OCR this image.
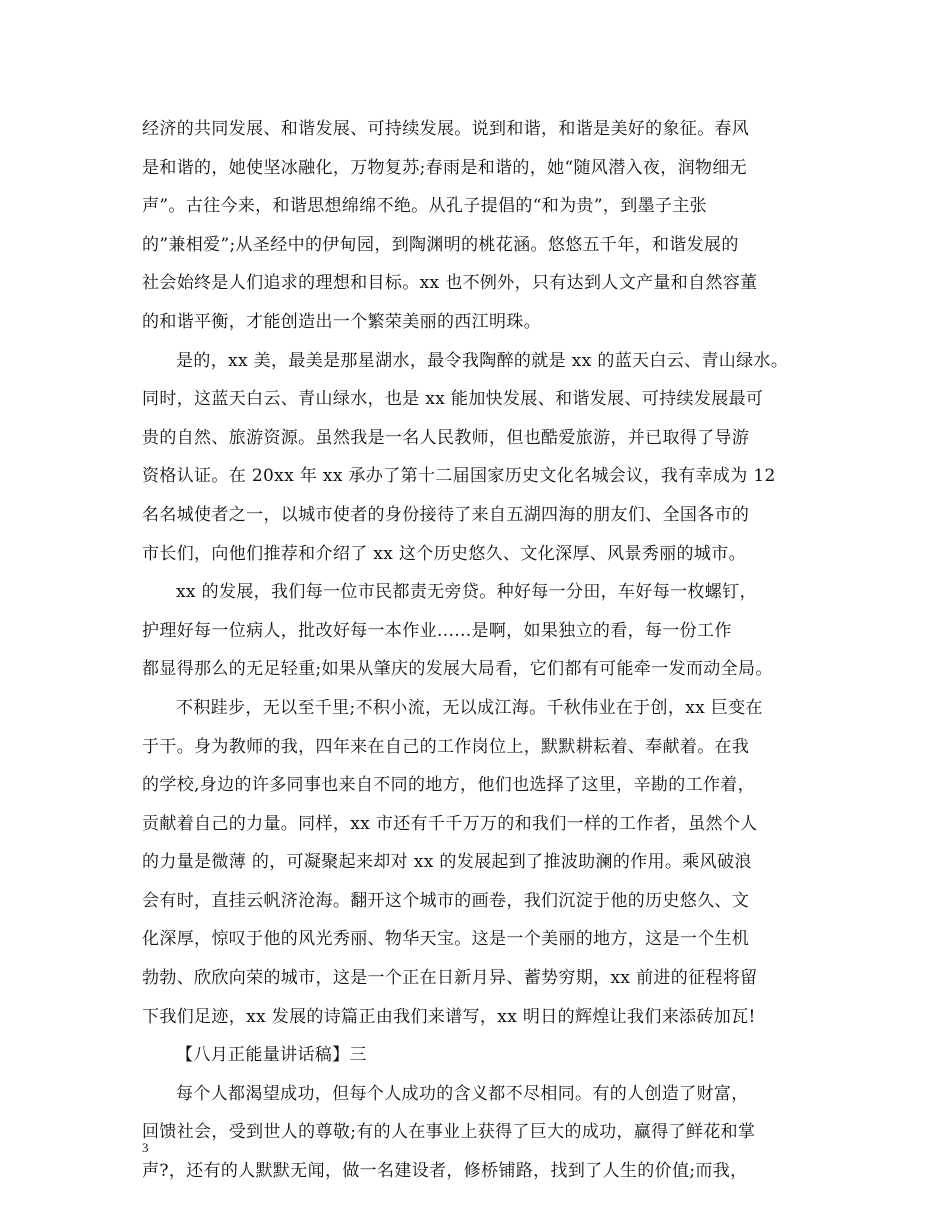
经济的共同发展、和谐发展、可持续发展。说到和谐，和谐是美好的象征。春风
是和谐的，她使坚冰融化，万物复苏;春雨是和谐的，她“随风潜入夜，润物细无
声”。古往今来，和谐思想绵绵不绝。从孔子提倡的“和为贵”，到墨子主张
的”兼相爱”;从圣经中的伊甸园，到陶渊明的桃花涵。悠悠五千年，和谐发展的
社会始终是人们追求的理想和目标。xx 也不例外，只有达到人文产量和自然容董
的和谐平衡，才能创造出一个繁荣美丽的西江明珠。
是的，xx 美，最美是那星湖水，最令我陶醉的就是 xx 的蓝天白云、青山绿水。
同时，这蓝天白云、青山绿水，也是 xx 能加快发展、和谐发展、可持续发展最可
贵的自然、旅游资源。虽然我是一名人民教师，但也酷爱旅游，并已取得了导游
资格认证。在 20xx 年 xx 承办了第十二届国家历史文化名城会议，我有幸成为 12
名名城使者之一，以城市使者的身份接待了来自五湖四海的朋友们、全国各市的
市长们，向他们推荐和介绍了 xx 这个历史悠久、文化深厚、风景秀丽的城市。
xx 的发展，我们每一位市民都责无旁贷。种好每一分田，车好每一枚螺钉，
护理好每一位病人，批改好每一本作业......是啊，如果独立的看，每一份工作
都显得那么的无足轻重;如果从肇庆的发展大局看，它们都有可能牵一发而动全局。
不积跬步，无以至千里;不积小流，无以成江海。千秋伟业在于创，xx 巨变在
于干。身为教师的我，四年来在自己的工作岗位上，默默耕耘着、奉献着。在我
的学校,身边的许多同事也来自不同的地方，他们也选择了这里，辛勘的工作着，
贡献着自己的力量。同样，xx 市还有千千万万的和我们一样的工作者，虽然个人
的力量是微薄 的，可凝聚起来却对 xx 的发展起到了推波助澜的作用。乘风破浪
会有时，直挂云帆济沧海。翻开这个城市的画卷，我们沉淀于他的历史悠久、文
化深厚，惊叹于他的风光秀丽、物华天宝。这是一个美丽的地方，这是一个生机
勃勃、欣欣向荣的城市，这是一个正在日新月异、蓄势穷期，xx 前进的征程将留
下我们足迹，xx 发展的诗篇正由我们来谱写，xx 明日的辉煌让我们来添砖加瓦!
【八月正能量讲话稿】三
每个人都渴望成功，但每个人成功的含义都不尽相同。有的人创造了财富，
回馈社会，受到世人的尊敬;有的人在事业上获得了巨大的成功，赢得了鲜花和掌
声?，还有的人默默无闻，做一名建设者，修桥铺路，找到了人生的价值;而我，
3
